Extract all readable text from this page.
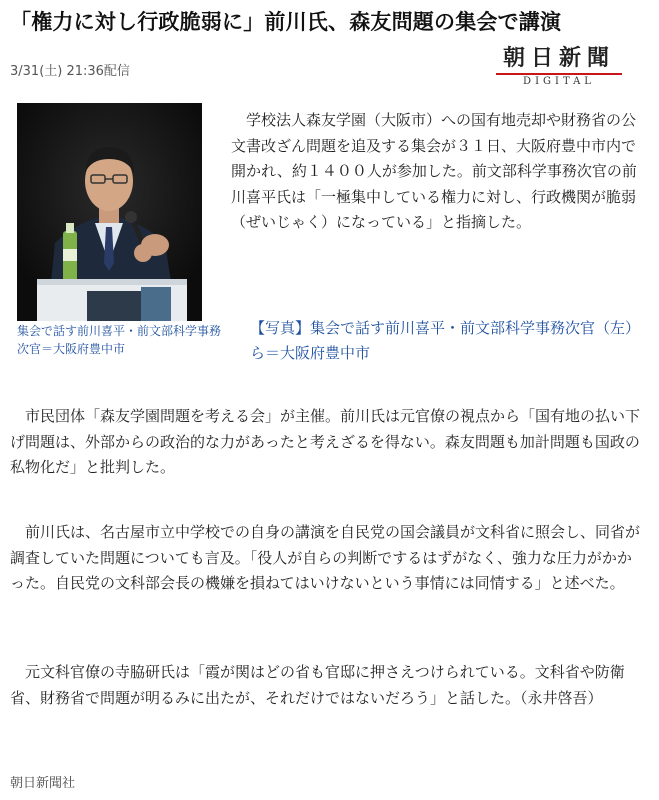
「権力に対し行政脆弱に」前川氏、森友問題の集会で講演
3/31(土) 21:36配信
朝日新聞
DIGITAL
集会で話す前川喜平・前文部科学事務次官＝大阪府豊中市
学校法人森友学園（大阪市）への国有地売却や財務省の公文書改ざん問題を追及する集会が３１日、大阪府豊中市内で開かれ、約１４００人が参加した。前文部科学事務次官の前川喜平氏は「一極集中している権力に対し、行政機関が脆弱（ぜいじゃく）になっている」と指摘した。
【写真】集会で話す前川喜平・前文部科学事務次官（左）ら＝大阪府豊中市
市民団体「森友学園問題を考える会」が主催。前川氏は元官僚の視点から「国有地の払い下げ問題は、外部からの政治的な力があったと考えざるを得ない。森友問題も加計問題も国政の私物化だ」と批判した。
前川氏は、名古屋市立中学校での自身の講演を自民党の国会議員が文科省に照会し、同省が調査していた問題についても言及。「役人が自らの判断でするはずがなく、強力な圧力がかかった。自民党の文科部会長の機嫌を損ねてはいけないという事情には同情する」と述べた。
元文科官僚の寺脇研氏は「霞が関はどの省も官邸に押さえつけられている。文科省や防衛省、財務省で問題が明るみに出たが、それだけではないだろう」と話した。（永井啓吾）
朝日新聞社
